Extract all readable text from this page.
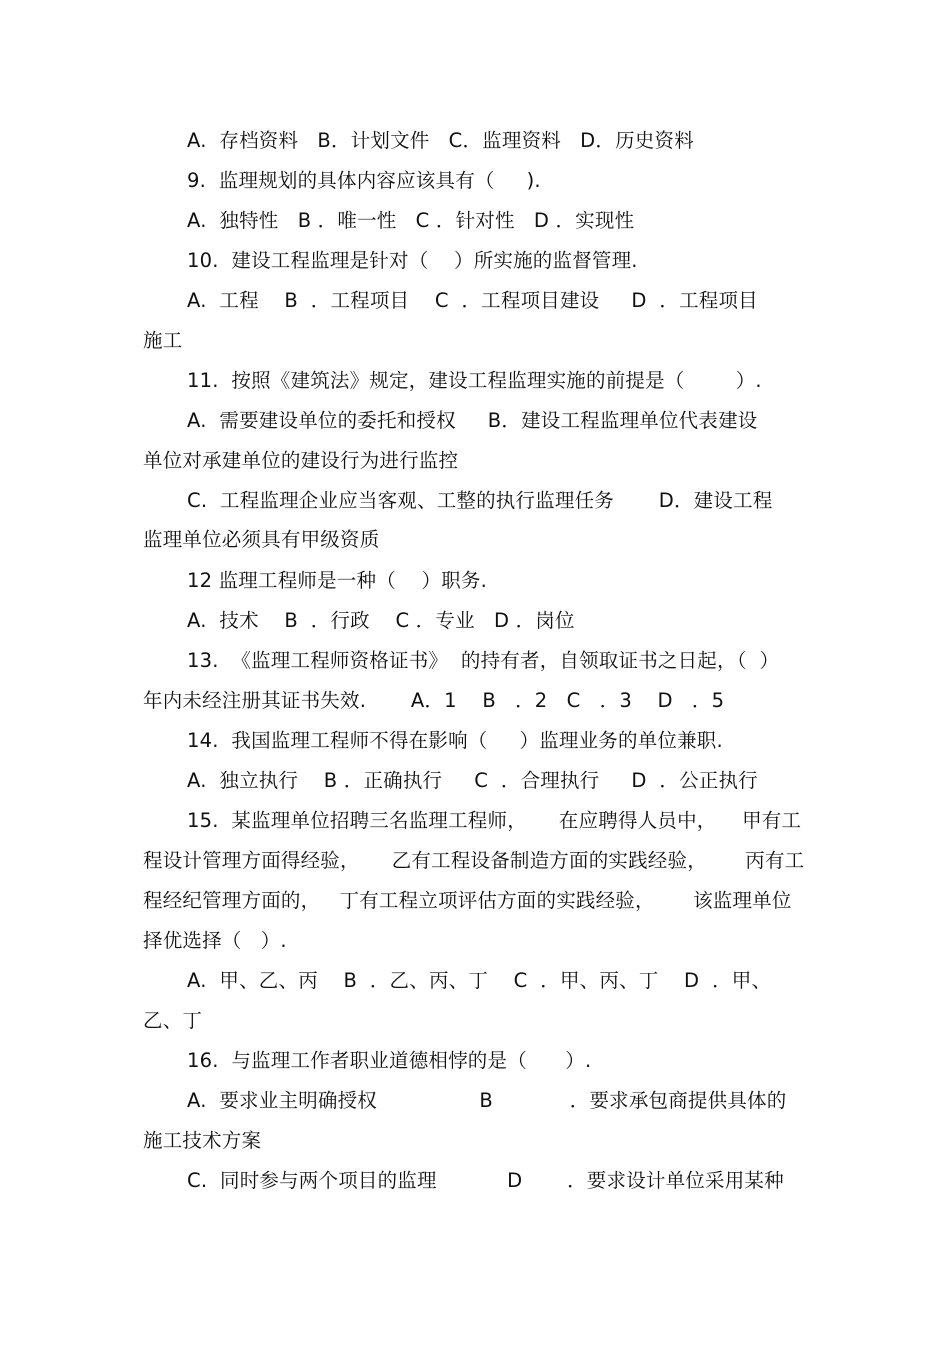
A.  存档资料   B．计划文件   C．监理资料   D．历史资料
9.  监理规划的具体内容应该具有（     ).
A.  独特性   B ．唯一性   C ．针对性   D ．实现性
10.  建设工程监理是针对（    ）所实施的监督管理.
A.  工程    B  ．工程项目    C  ．工程项目建设     D  ．工程项目
施工
11.  按照《建筑法》规定，建设工程监理实施的前提是（        ）.
A.  需要建设单位的委托和授权     B．建设工程监理单位代表建设
单位对承建单位的建设行为进行监控
C.  工程监理企业应当客观、工整的执行监理任务       D．建设工程
监理单位必须具有甲级资质
12 监理工程师是一种（    ）职务.
A.  技术    B  ．行政    C ．专业   D ．岗位
13.  《监理工程师资格证书》  的持有者，自领取证书之日起，（  ）
年内未经注册其证书失效.       A．1    B   ．2   C   ．3    D   ．5
14.  我国监理工程师不得在影响（     ）监理业务的单位兼职.
A.  独立执行    B ．正确执行     C  ．合理执行     D  ．公正执行
15.  某监理单位招聘三名监理工程师，     在应聘得人员中，    甲有工
程设计管理方面得经验，     乙有工程设备制造方面的实践经验，      丙有工
程经纪管理方面的，   丁有工程立项评估方面的实践经验，      该监理单位
择优选择（   ）.
A.  甲、乙、丙    B  ．乙、丙、丁    C  ．甲、丙、丁    D  ．甲、
乙、丁
16.  与监理工作者职业道德相悖的是（      ）.
A.  要求业主明确授权                B            ．要求承包商提供具体的
施工技术方案
C.  同时参与两个项目的监理           D       ．要求设计单位采用某种
